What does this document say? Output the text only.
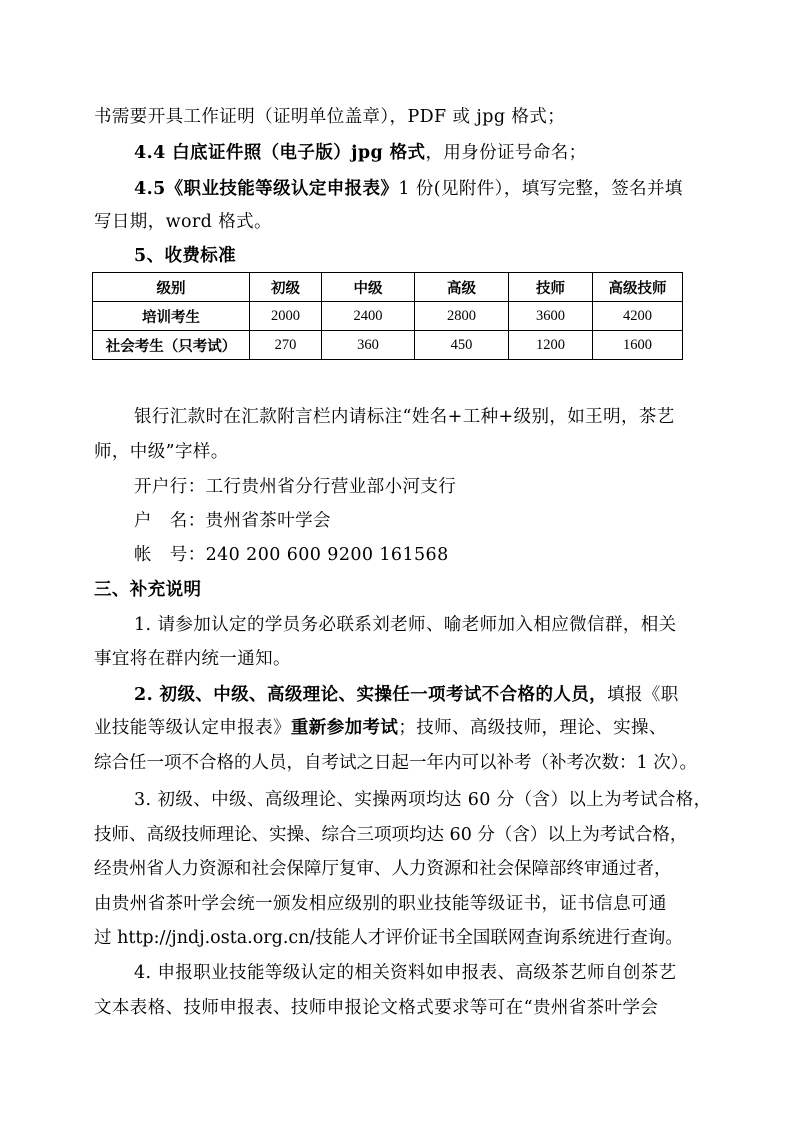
书需要开具工作证明（证明单位盖章），PDF 或 jpg 格式；
4.4 白底证件照（电子版）jpg 格式，用身份证号命名；
4.5《职业技能等级认定申报表》1 份(见附件），填写完整，签名并填
写日期，word 格式。
5、收费标准
级别	初级	中级	高级	技师	高级技师
培训考生	2000	2400	2800	3600	4200
社会考生（只考试）	270	360	450	1200	1600
银行汇款时在汇款附言栏内请标注“姓名+工种+级别，如王明，茶艺
师，中级”字样。
开户行：工行贵州省分行营业部小河支行
户　名：贵州省茶叶学会
帐　号：240 200 600 9200 161568
三、补充说明
1. 请参加认定的学员务必联系刘老师、喻老师加入相应微信群，相关
事宜将在群内统一通知。
2. 初级、中级、高级理论、实操任一项考试不合格的人员，填报《职
业技能等级认定申报表》重新参加考试；技师、高级技师，理论、实操、
综合任一项不合格的人员，自考试之日起一年内可以补考（补考次数：1 次）。
3. 初级、中级、高级理论、实操两项均达 60 分（含）以上为考试合格，
技师、高级技师理论、实操、综合三项项均达 60 分（含）以上为考试合格，
经贵州省人力资源和社会保障厅复审、人力资源和社会保障部终审通过者，
由贵州省茶叶学会统一颁发相应级别的职业技能等级证书，证书信息可通
过 http://jndj.osta.org.cn/技能人才评价证书全国联网查询系统进行查询。
4. 申报职业技能等级认定的相关资料如申报表、高级茶艺师自创茶艺
文本表格、技师申报表、技师申报论文格式要求等可在“贵州省茶叶学会
